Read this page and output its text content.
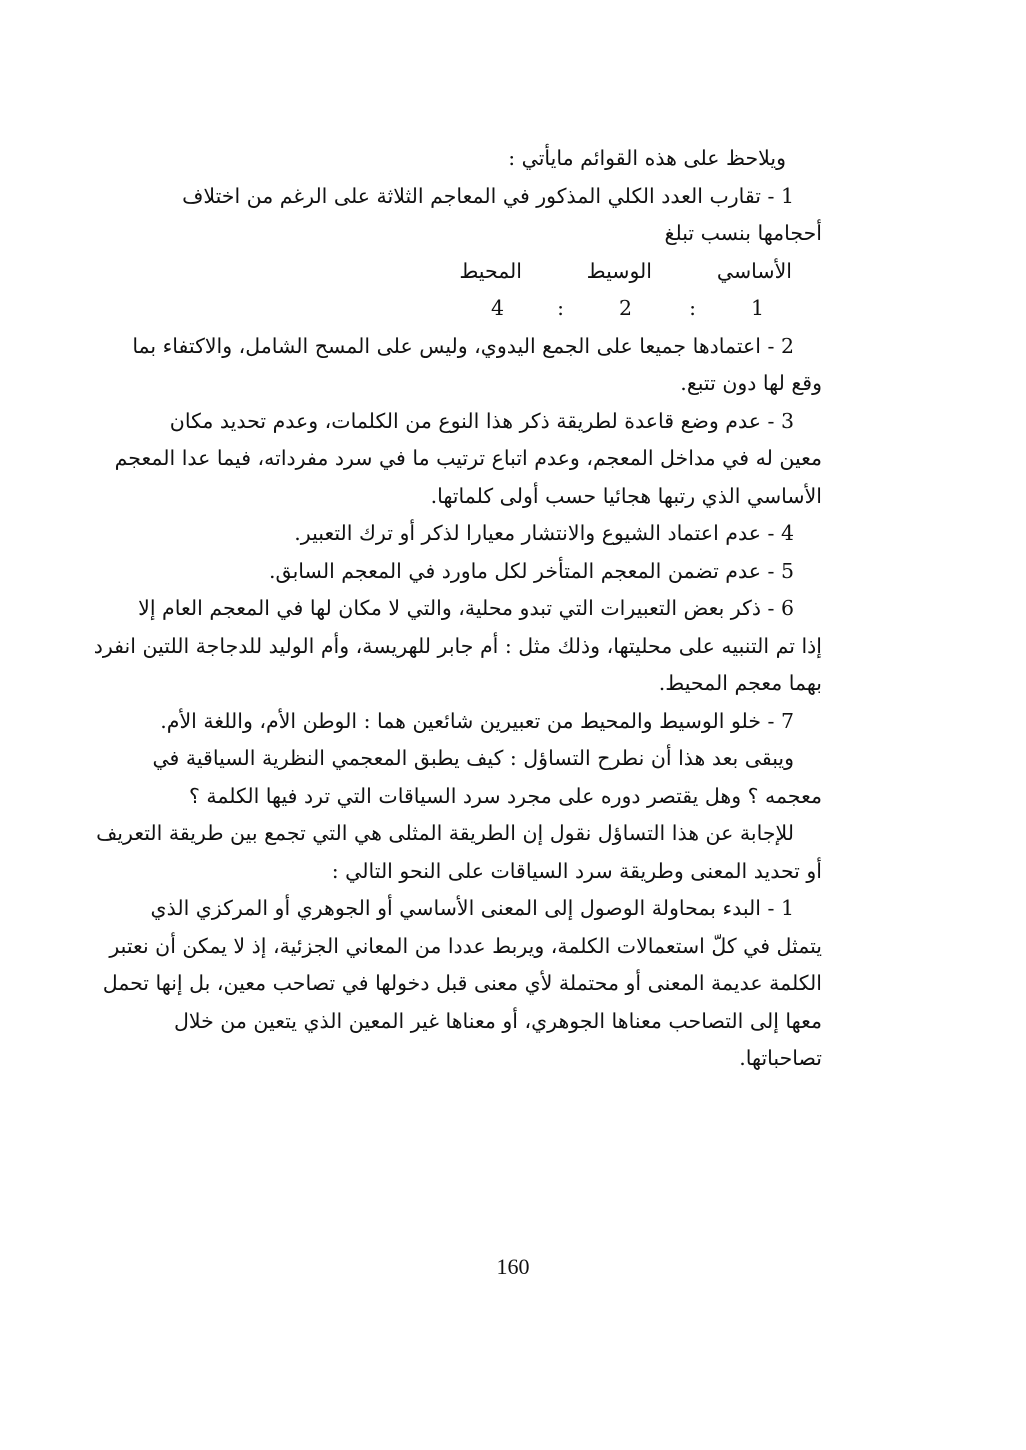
ويلاحظ على هذه القوائم مايأتي :
1 - تقارب العدد الكلي المذكور في المعاجم الثلاثة على الرغم من اختلاف
أحجامها بنسب تبلغ
الأساسي
الوسيط
المحيط
1
:
2
:
4
2 - اعتمادها جميعا على الجمع اليدوي، وليس على المسح الشامل، والاكتفاء بما
وقع لها دون تتبع.
3 - عدم وضع قاعدة لطريقة ذكر هذا النوع من الكلمات، وعدم تحديد مكان
معين له في مداخل المعجم، وعدم اتباع ترتيب ما في سرد مفرداته، فيما عدا المعجم
الأساسي الذي رتبها هجائيا حسب أولى كلماتها.
4 - عدم اعتماد الشيوع والانتشار معيارا لذكر أو ترك التعبير.
5 - عدم تضمن المعجم المتأخر لكل ماورد في المعجم السابق.
6 - ذكر بعض التعبيرات التي تبدو محلية، والتي لا مكان لها في المعجم العام إلا
إذا تم التنبيه على محليتها، وذلك مثل : أم جابر للهريسة، وأم الوليد للدجاجة اللتين انفرد
بهما معجم المحيط.
7 - خلو الوسيط والمحيط من تعبيرين شائعين هما : الوطن الأم، واللغة الأم.
ويبقى بعد هذا أن نطرح التساؤل : كيف يطبق المعجمي النظرية السياقية في
معجمه ؟ وهل يقتصر دوره على مجرد سرد السياقات التي ترد فيها الكلمة ؟
للإجابة عن هذا التساؤل نقول إن الطريقة المثلى هي التي تجمع بين طريقة التعريف
أو تحديد المعنى وطريقة سرد السياقات على النحو التالي :
1 - البدء بمحاولة الوصول إلى المعنى الأساسي أو الجوهري أو المركزي الذي
يتمثل في كلّ استعمالات الكلمة، ويربط عددا من المعاني الجزئية، إذ لا يمكن أن نعتبر
الكلمة عديمة المعنى أو محتملة لأي معنى قبل دخولها في تصاحب معين، بل إنها تحمل
معها إلى التصاحب معناها الجوهري، أو معناها غير المعين الذي يتعين من خلال
تصاحباتها.
160
